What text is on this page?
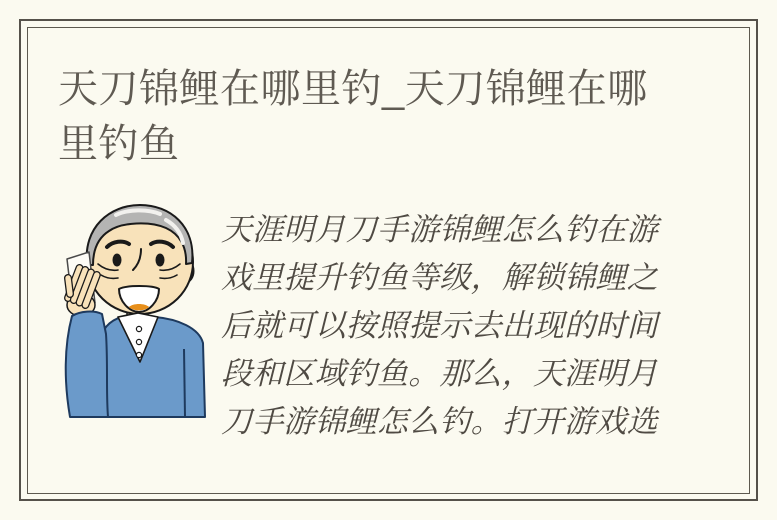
天刀锦鲤在哪里钓_天刀锦鲤在哪
里钓鱼
天涯明月刀手游锦鲤怎么钓在游
戏里提升钓鱼等级，解锁锦鲤之
后就可以按照提示去出现的时间
段和区域钓鱼。那么，天涯明月
刀手游锦鲤怎么钓。打开游戏选
